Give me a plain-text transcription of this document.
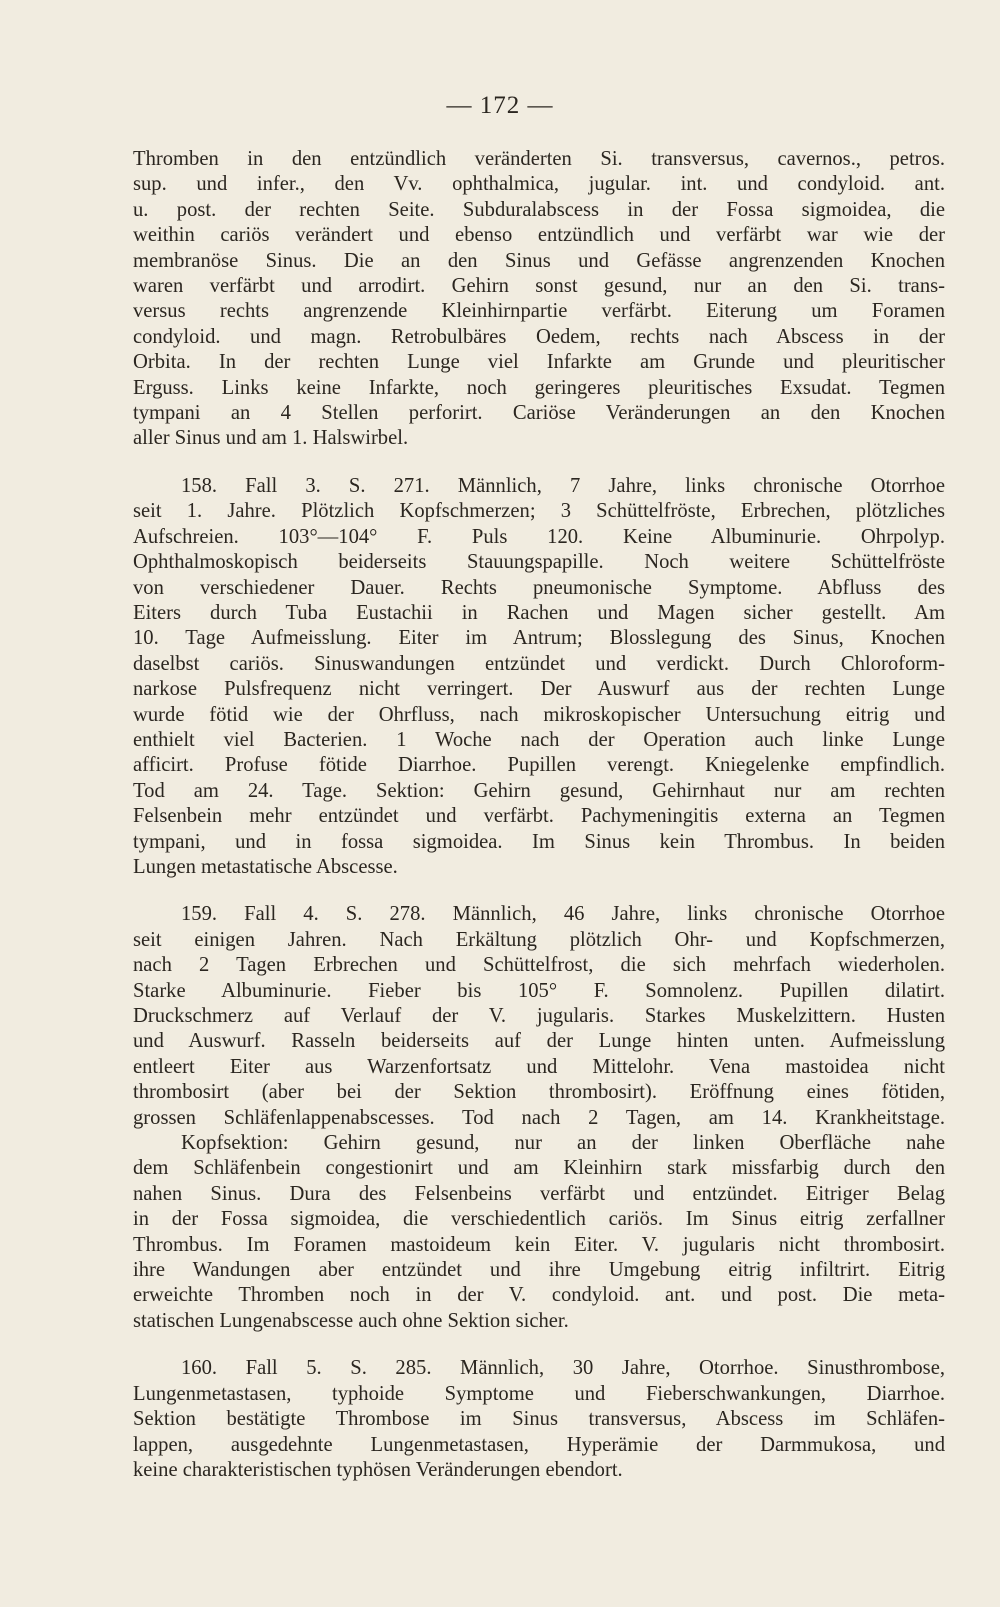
— 172 —

Thromben in den entzündlich veränderten Si. transversus, cavernos., petros.
sup. und infer., den Vv. ophthalmica, jugular. int. und condyloid. ant.
u. post. der rechten Seite. Subduralabscess in der Fossa sigmoidea, die
weithin cariös verändert und ebenso entzündlich und verfärbt war wie der
membranöse Sinus. Die an den Sinus und Gefässe angrenzenden Knochen
waren verfärbt und arrodirt. Gehirn sonst gesund, nur an den Si. trans-
versus rechts angrenzende Kleinhirnpartie verfärbt. Eiterung um Foramen
condyloid. und magn. Retrobulbäres Oedem, rechts nach Abscess in der
Orbita. In der rechten Lunge viel Infarkte am Grunde und pleuritischer
Erguss. Links keine Infarkte, noch geringeres pleuritisches Exsudat. Tegmen
tympani an 4 Stellen perforirt. Cariöse Veränderungen an den Knochen
aller Sinus und am 1. Halswirbel.
158. Fall 3. S. 271. Männlich, 7 Jahre, links chronische Otorrhoe
seit 1. Jahre. Plötzlich Kopfschmerzen; 3 Schüttelfröste, Erbrechen, plötzliches
Aufschreien. 103°—104° F. Puls 120. Keine Albuminurie. Ohrpolyp.
Ophthalmoskopisch beiderseits Stauungspapille. Noch weitere Schüttelfröste
von verschiedener Dauer. Rechts pneumonische Symptome. Abfluss des
Eiters durch Tuba Eustachii in Rachen und Magen sicher gestellt. Am
10. Tage Aufmeisslung. Eiter im Antrum; Blosslegung des Sinus, Knochen
daselbst cariös. Sinuswandungen entzündet und verdickt. Durch Chloroform-
narkose Pulsfrequenz nicht verringert. Der Auswurf aus der rechten Lunge
wurde fötid wie der Ohrfluss, nach mikroskopischer Untersuchung eitrig und
enthielt viel Bacterien. 1 Woche nach der Operation auch linke Lunge
afficirt. Profuse fötide Diarrhoe. Pupillen verengt. Kniegelenke empfindlich.
Tod am 24. Tage. Sektion: Gehirn gesund, Gehirnhaut nur am rechten
Felsenbein mehr entzündet und verfärbt. Pachymeningitis externa an Tegmen
tympani, und in fossa sigmoidea. Im Sinus kein Thrombus. In beiden
Lungen metastatische Abscesse.
159. Fall 4. S. 278. Männlich, 46 Jahre, links chronische Otorrhoe
seit einigen Jahren. Nach Erkältung plötzlich Ohr- und Kopfschmerzen,
nach 2 Tagen Erbrechen und Schüttelfrost, die sich mehrfach wiederholen.
Starke Albuminurie. Fieber bis 105° F. Somnolenz. Pupillen dilatirt.
Druckschmerz auf Verlauf der V. jugularis. Starkes Muskelzittern. Husten
und Auswurf. Rasseln beiderseits auf der Lunge hinten unten. Aufmeisslung
entleert Eiter aus Warzenfortsatz und Mittelohr. Vena mastoidea nicht
thrombosirt (aber bei der Sektion thrombosirt). Eröffnung eines fötiden,
grossen Schläfenlappenabscesses. Tod nach 2 Tagen, am 14. Krankheitstage.
Kopfsektion: Gehirn gesund, nur an der linken Oberfläche nahe
dem Schläfenbein congestionirt und am Kleinhirn stark missfarbig durch den
nahen Sinus. Dura des Felsenbeins verfärbt und entzündet. Eitriger Belag
in der Fossa sigmoidea, die verschiedentlich cariös. Im Sinus eitrig zerfallner
Thrombus. Im Foramen mastoideum kein Eiter. V. jugularis nicht thrombosirt.
ihre Wandungen aber entzündet und ihre Umgebung eitrig infiltrirt. Eitrig
erweichte Thromben noch in der V. condyloid. ant. und post. Die meta-
statischen Lungenabscesse auch ohne Sektion sicher.
160. Fall 5. S. 285. Männlich, 30 Jahre, Otorrhoe. Sinusthrombose,
Lungenmetastasen, typhoide Symptome und Fieberschwankungen, Diarrhoe.
Sektion bestätigte Thrombose im Sinus transversus, Abscess im Schläfen-
lappen, ausgedehnte Lungenmetastasen, Hyperämie der Darmmukosa, und
keine charakteristischen typhösen Veränderungen ebendort.
